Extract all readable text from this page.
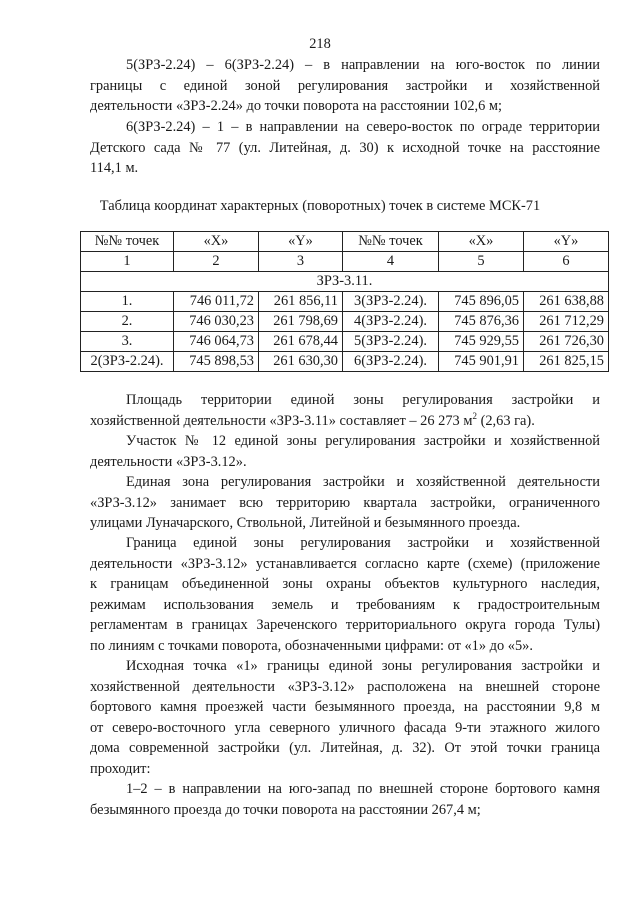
218

5(ЗРЗ-2.24) – 6(ЗРЗ-2.24) – в направлении на юго-восток по линии
границы с единой зоной регулирования застройки и хозяйственной
деятельности «ЗРЗ-2.24» до точки поворота на расстоянии 102,6 м;

6(ЗРЗ-2.24) – 1 – в направлении на северо-восток по ограде территории
Детского сада № 77 (ул. Литейная, д. 30) к исходной точке на расстояние
114,1 м.

Таблица координат характерных (поворотных) точек в системе МСК-71
№№ точек	«Х»	«Y»	№№ точек	«Х»	«Y»
1	2	3	4	5	6
ЗРЗ-3.11.					
1.	746 011,72	261 856,11	3(ЗРЗ-2.24).	745 896,05	261 638,88
2.	746 030,23	261 798,69	4(ЗРЗ-2.24).	745 876,36	261 712,29
3.	746 064,73	261 678,44	5(ЗРЗ-2.24).	745 929,55	261 726,30
2(ЗРЗ-2.24).	745 898,53	261 630,30	6(ЗРЗ-2.24).	745 901,91	261 825,15

Площадь территории единой зоны регулирования застройки и
хозяйственной деятельности «ЗРЗ-3.11» составляет – 26 273 $м^2$ (2,63 га).

Участок № 12 единой зоны регулирования застройки и хозяйственной
деятельности «ЗРЗ-3.12».

Единая зона регулирования застройки и хозяйственной деятельности
«ЗРЗ-3.12» занимает всю территорию квартала застройки, ограниченного
улицами Луначарского, Ствольной, Литейной и безымянного проезда.

Граница единой зоны регулирования застройки и хозяйственной
деятельности «ЗРЗ-3.12» устанавливается согласно карте (схеме) (приложение
к границам объединенной зоны охраны объектов культурного наследия,
режимам использования земель и требованиям к градостроительным
регламентам в границах Зареченского территориального округа города Тулы)
по линиям с точками поворота, обозначенными цифрами: от «1» до «5».

Исходная точка «1» границы единой зоны регулирования застройки и
хозяйственной деятельности «ЗРЗ-3.12» расположена на внешней стороне
бортового камня проезжей части безымянного проезда, на расстоянии 9,8 м
от северо-восточного угла северного уличного фасада 9-ти этажного жилого
дома современной застройки (ул. Литейная, д. 32). От этой точки граница
проходит:

1–2 – в направлении на юго-запад по внешней стороне бортового камня
безымянного проезда до точки поворота на расстоянии 267,4 м;
